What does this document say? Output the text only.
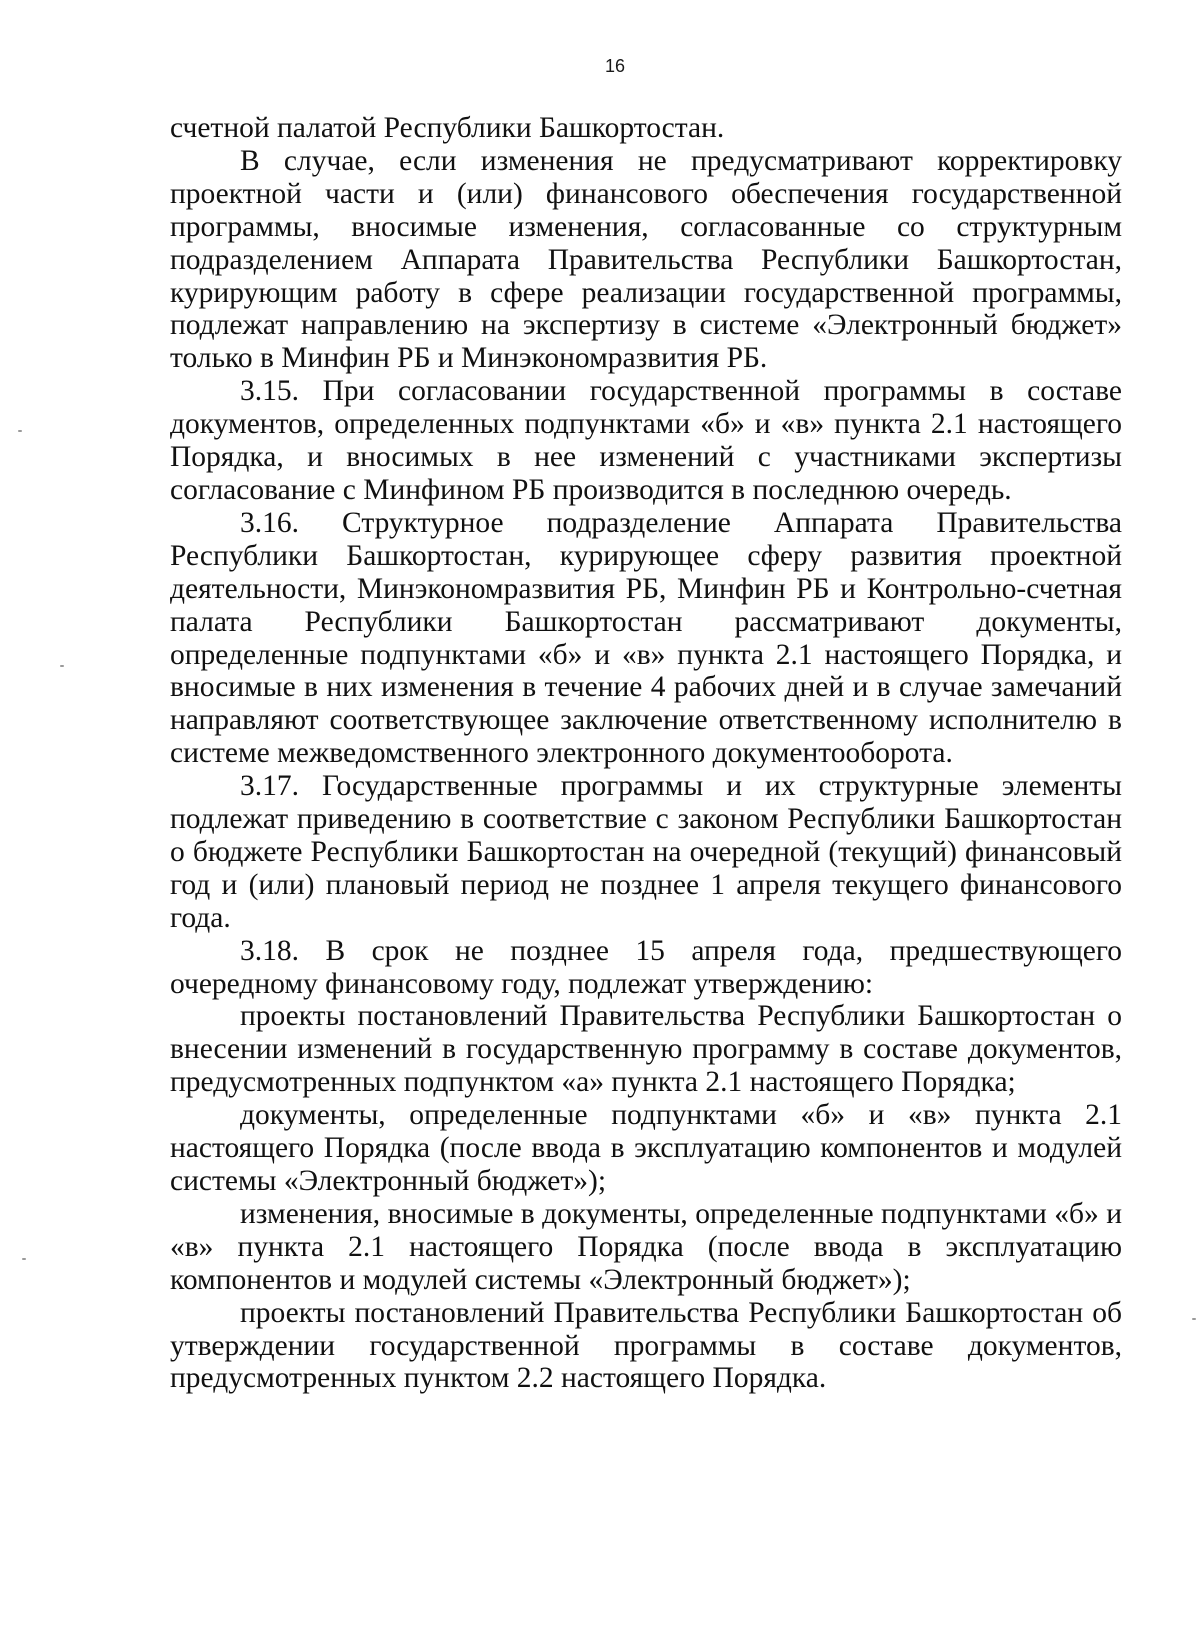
16

счетной палатой Республики Башкортостан.

В случае, если изменения не предусматривают корректировку проектной части и (или) финансового обеспечения государственной программы, вносимые изменения, согласованные со структурным подразделением Аппарата Правительства Республики Башкортостан, курирующим работу в сфере реализации государственной программы, подлежат направлению на экспертизу в системе «Электронный бюджет» только в Минфин РБ и Минэкономразвития РБ.

3.15. При согласовании государственной программы в составе документов, определенных подпунктами «б» и «в» пункта 2.1 настоящего Порядка, и вносимых в нее изменений с участниками экспертизы согласование с Минфином РБ производится в последнюю очередь.

3.16. Структурное подразделение Аппарата Правительства Республики Башкортостан, курирующее сферу развития проектной деятельности, Минэкономразвития РБ, Минфин РБ и Контрольно-счетная палата Республики Башкортостан рассматривают документы, определенные подпунктами «б» и «в» пункта 2.1 настоящего Порядка, и вносимые в них изменения в течение 4 рабочих дней и в случае замечаний направляют соответствующее заключение ответственному исполнителю в системе межведомственного электронного документооборота.

3.17. Государственные программы и их структурные элементы подлежат приведению в соответствие с законом Республики Башкортостан о бюджете Республики Башкортостан на очередной (текущий) финансовый год и (или) плановый период не позднее 1 апреля текущего финансового года.

3.18. В срок не позднее 15 апреля года, предшествующего очередному финансовому году, подлежат утверждению:

проекты постановлений Правительства Республики Башкортостан о внесении изменений в государственную программу в составе документов, предусмотренных подпунктом «а» пункта 2.1 настоящего Порядка;

документы, определенные подпунктами «б» и «в» пункта 2.1 настоящего Порядка (после ввода в эксплуатацию компонентов и модулей системы «Электронный бюджет»);

изменения, вносимые в документы, определенные подпунктами «б» и «в» пункта 2.1 настоящего Порядка (после ввода в эксплуатацию компонентов и модулей системы «Электронный бюджет»);

проекты постановлений Правительства Республики Башкортостан об утверждении государственной программы в составе документов, предусмотренных пунктом 2.2 настоящего Порядка.
